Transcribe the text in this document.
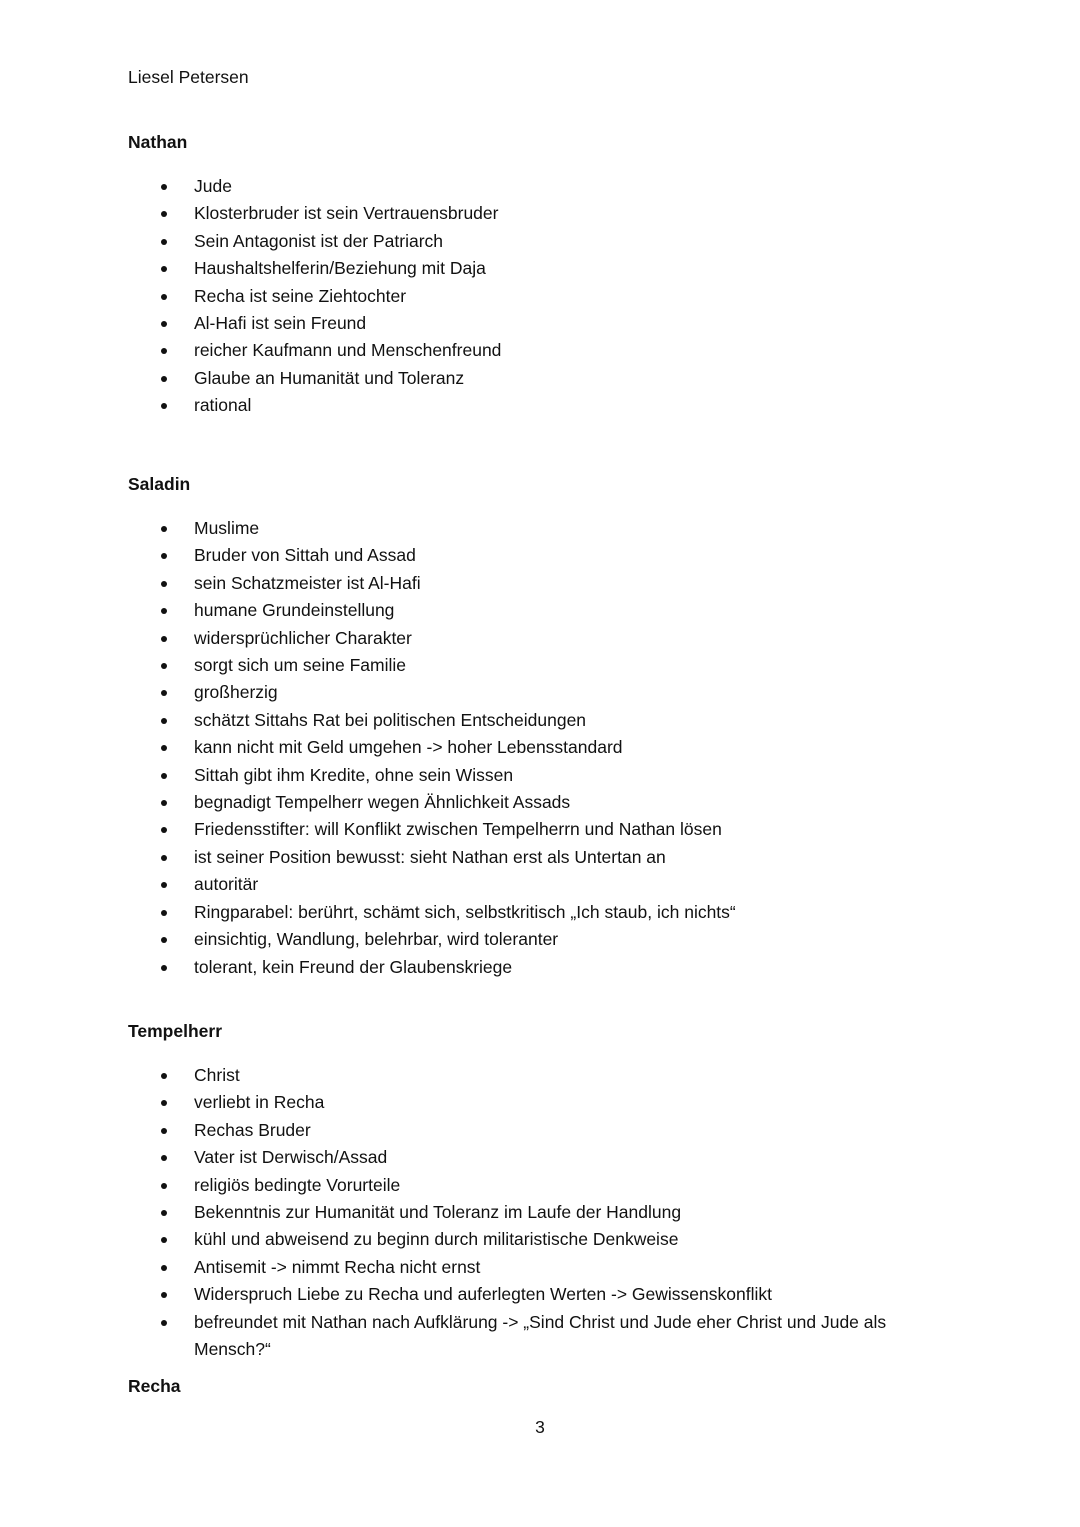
Liesel Petersen
Nathan
Jude
Klosterbruder ist sein Vertrauensbruder
Sein Antagonist ist der Patriarch
Haushaltshelferin/Beziehung mit Daja
Recha ist seine Ziehtochter
Al-Hafi ist sein Freund
reicher Kaufmann und Menschenfreund
Glaube an Humanität und Toleranz
rational
Saladin
Muslime
Bruder von Sittah und Assad
sein Schatzmeister ist Al-Hafi
humane Grundeinstellung
widersprüchlicher Charakter
sorgt sich um seine Familie
großherzig
schätzt Sittahs Rat bei politischen Entscheidungen
kann nicht mit Geld umgehen -> hoher Lebensstandard
Sittah gibt ihm Kredite, ohne sein Wissen
begnadigt Tempelherr wegen Ähnlichkeit Assads
Friedensstifter: will Konflikt zwischen Tempelherrn und Nathan lösen
ist seiner Position bewusst: sieht Nathan erst als Untertan an
autoritär
Ringparabel: berührt, schämt sich, selbstkritisch „Ich staub, ich nichts“
einsichtig, Wandlung, belehrbar, wird toleranter
tolerant, kein Freund der Glaubenskriege
Tempelherr
Christ
verliebt in Recha
Rechas Bruder
Vater ist Derwisch/Assad
religiös bedingte Vorurteile
Bekenntnis zur Humanität und Toleranz im Laufe der Handlung
kühl und abweisend zu beginn durch militaristische Denkweise
Antisemit -> nimmt Recha nicht ernst
Widerspruch Liebe zu Recha und auferlegten Werten -> Gewissenskonflikt
befreundet mit Nathan nach Aufklärung -> „Sind Christ und Jude eher Christ und Jude als Mensch?“
Recha
3
